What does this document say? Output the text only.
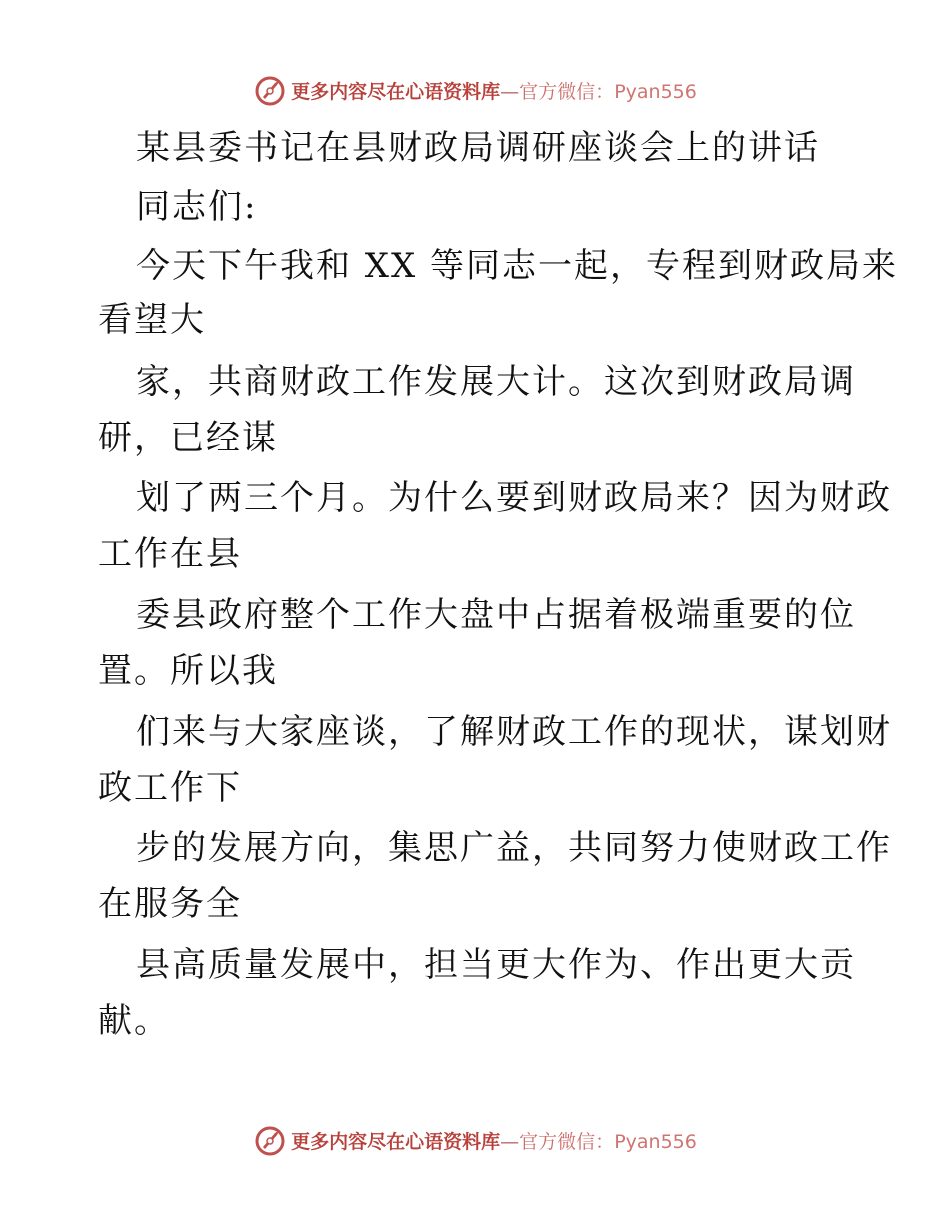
更多内容尽在心语资料库—官方微信：Pyan556
某县委书记在县财政局调研座谈会上的讲话
同志们:
今天下午我和 XX 等同志一起，专程到财政局来
看望大
家，共商财政工作发展大计。这次到财政局调
研，已经谋
划了两三个月。为什么要到财政局来？因为财政
工作在县
委县政府整个工作大盘中占据着极端重要的位
置。所以我
们来与大家座谈，了解财政工作的现状，谋划财
政工作下
步的发展方向，集思广益，共同努力使财政工作
在服务全
县高质量发展中，担当更大作为、作出更大贡
献。
更多内容尽在心语资料库—官方微信：Pyan556
